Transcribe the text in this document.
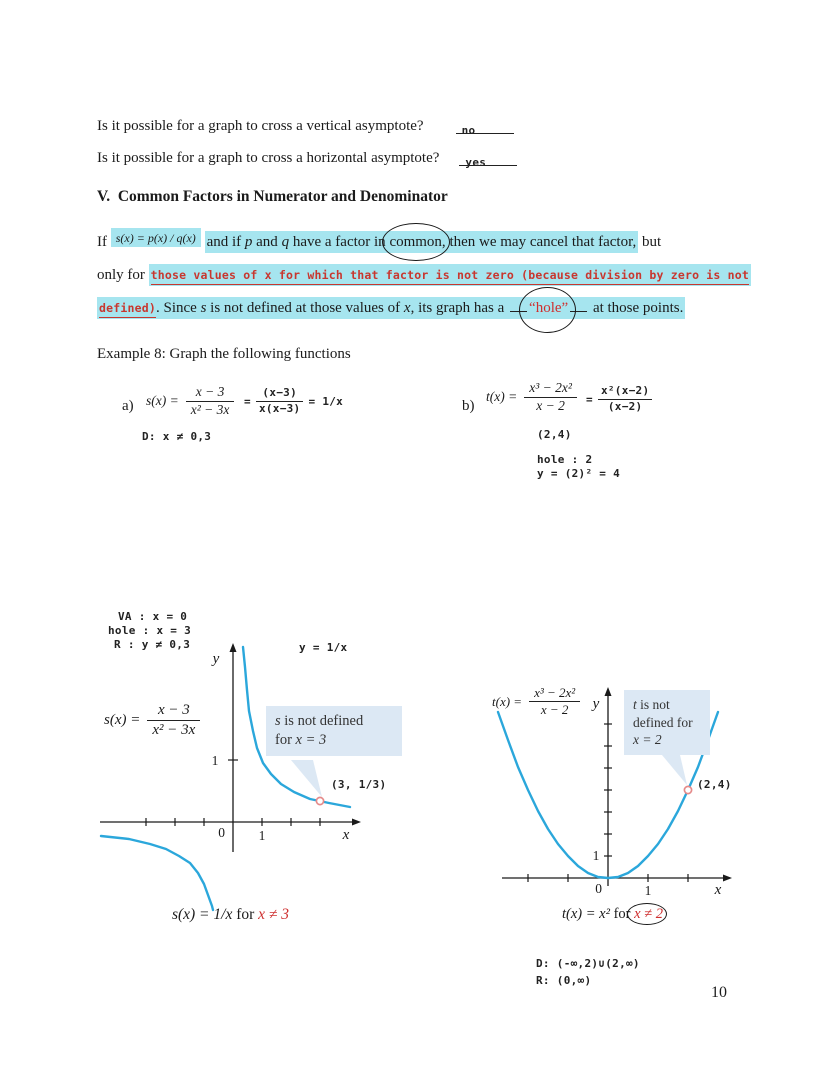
Is it possible for a graph to cross a vertical asymptote?	no
Is it possible for a graph to cross a horizontal asymptote? yes
V.  Common Factors in Numerator and Denominator
If $^{s(x) = p(x) / q(x)}$ and if p and q have a factor in common, then we may cancel that factor, but
only for those values of x for which that factor is not zero (because division by zero is not
defined). Since s is not defined at those values of x, its graph has a “hole” at those points.
Example 8: Graph the following functions
a) $s(x) = \frac{x - 3}{\text{x² − 3x}} = \frac{(x-3)}{x(x-3)} = 1/x$
D: x ≠ 0,3
b)
$t(x) = \frac{\text{x³ − 2x²}}{x - 2} = \frac{\text{x²(x−2)}}{(x-2)}$
(2,4)
hole : 2
y = (2)² = 4
VA : x = 0
hole : x = 3
R : y ≠ 0,3
y
x
0 1
1
$s(x) = \frac{x - 3}{\text{x² − 3x}}$
y = 1/x
s is not defined
for x = 3
(3, 1/3)
s(x) = 1/x for x ≠ 3
$t(x) = \frac{\text{x³ − 2x²}}{x - 2}$ y
x
0	1
1
t is not
defined for
x = 2
(2,4)
t(x) = x² for x ≠ 2
D: (-∞,2)∪(2,∞)
R: (0,∞)
10
